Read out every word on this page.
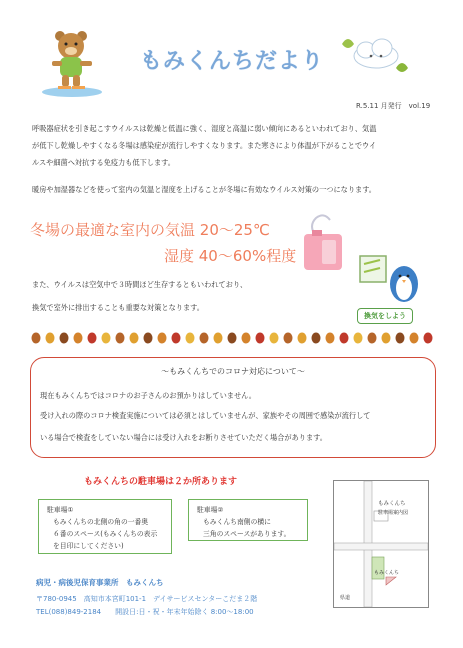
もみくんちだより
R.5.11 月発行　vol.19
呼吸器症状を引き起こすウイルスは乾燥と低温に強く、湿度と高温に弱い傾向にあるといわれており、気温
が低下し乾燥しやすくなる冬場は感染症が流行しやすくなります。また寒さにより体温が下がることでウイ
ルスや細菌へ対抗する免疫力も低下します。
暖房や加湿器などを使って室内の気温と湿度を上げることが冬場に有効なウイルス対策の一つになります。
冬場の最適な室内の気温 20～25℃
湿度 40～60%程度
また、ウイルスは空気中で３時間ほど生存するともいわれており、
換気で室外に排出することも重要な対策となります。
換気をしよう
～もみくんちでのコロナ対応について～
現在もみくんちではコロナのお子さんのお預かりはしていません。
受け入れの際のコロナ検査実施については必須とはしていませんが、家族やその周囲で感染が流行して
いる場合で検査をしていない場合には受け入れをお断りさせていただく場合があります。
もみくんちの駐車場は２か所あります
駐車場①
もみくんちの北側の角の一番奥
６番のスペース(もみくんちの表示
を目印にしてください)
駐車場②
もみくんち南側の横に
三角のスペースがあります。
もみくんち
駐車場案内図
もみくんち
県道
病児・病後児保育事業所　もみくんち
〒780-0945　高知市本宮町101-1　デイサービスセンターこだま２階
TEL(088)849-2184　　開設日:日・祝・年末年始除く 8:00～18:00
